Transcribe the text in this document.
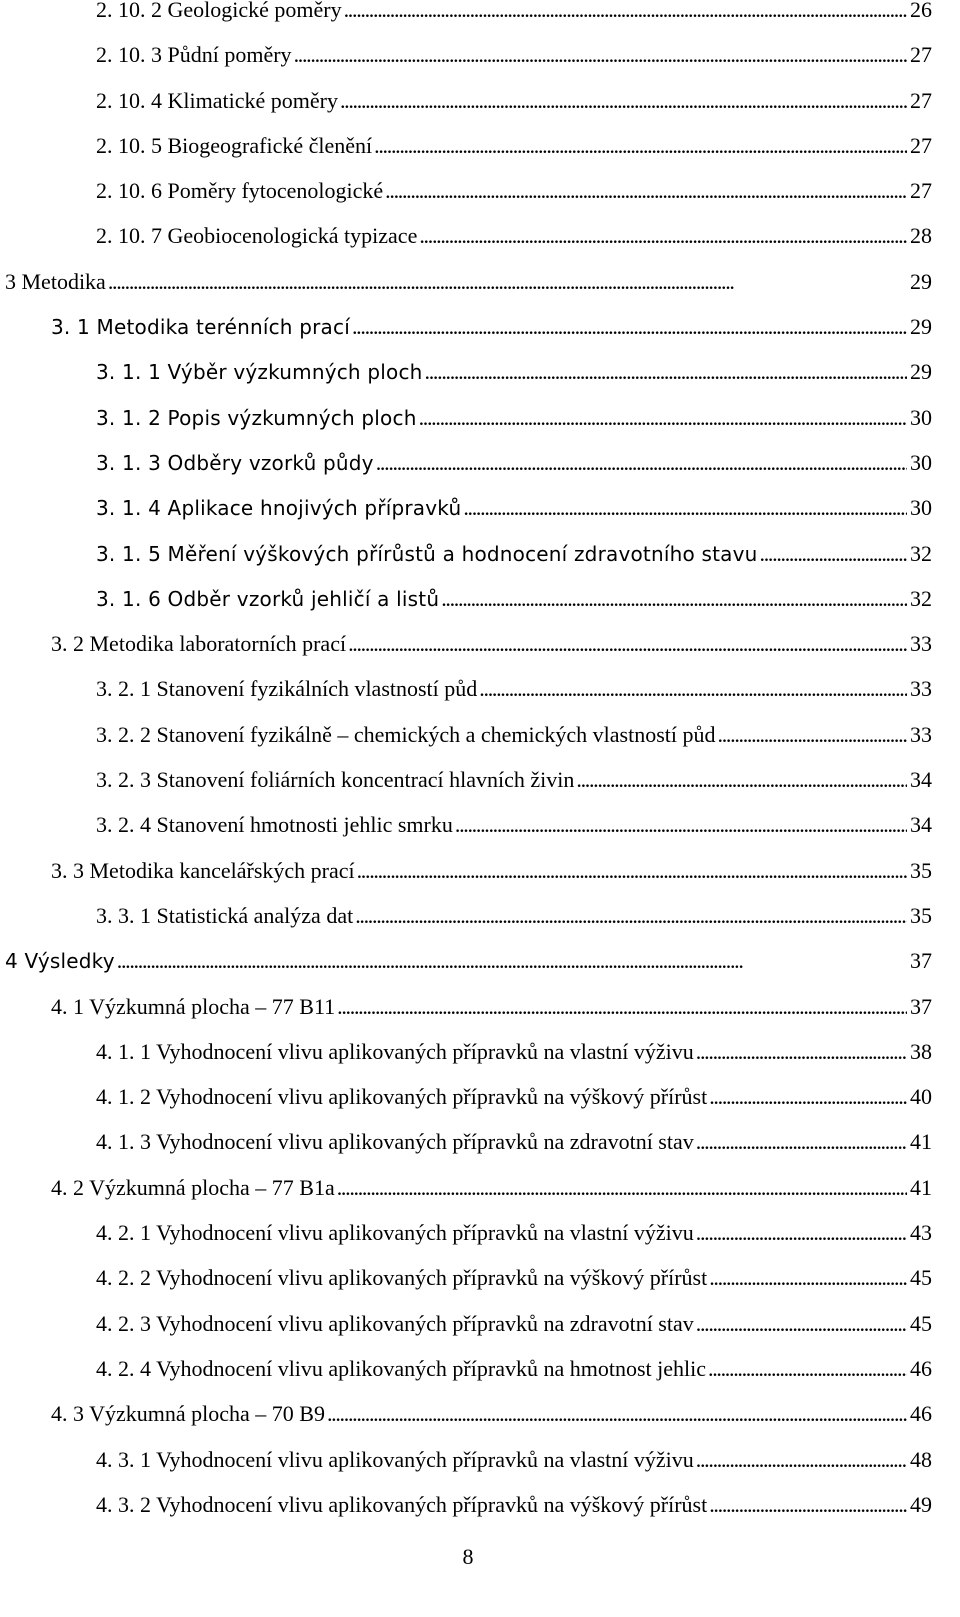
2. 10. 2 Geologické poměry . . .	26
2. 10. 3 Půdní poměry . . .	27
2. 10. 4 Klimatické poměry . . .	27
2. 10. 5 Biogeografické členění . . .	27
2. 10. 6 Poměry fytocenologické . . .	27
2. 10. 7 Geobiocenologická typizace . . .	28
3 Metodika . . .	29
3. 1 Metodika terénních prací . . .	29
3. 1. 1 Výběr výzkumných ploch . . .	29
3. 1. 2 Popis výzkumných ploch . . .	30
3. 1. 3 Odběry vzorků půdy . . .	30
3. 1. 4 Aplikace hnojivých přípravků . . .	30
3. 1. 5 Měření výškových přírůstů a hodnocení zdravotního stavu . . .	32
3. 1. 6 Odběr vzorků jehličí a listů . . .	32
3. 2 Metodika laboratorních prací . . .	33
3. 2. 1 Stanovení fyzikálních vlastností půd . . .	33
3. 2. 2 Stanovení fyzikálně – chemických a chemických vlastností půd . . .	33
3. 2. 3 Stanovení foliárních koncentrací hlavních živin . . .	34
3. 2. 4 Stanovení hmotnosti jehlic smrku . . .	34
3. 3 Metodika kancelářských prací . . .	35
3. 3. 1 Statistická analýza dat . . .	35
4 Výsledky . . .	37
4. 1 Výzkumná plocha – 77 B11 . . .	37
4. 1. 1 Vyhodnocení vlivu aplikovaných přípravků na vlastní výživu . . .	38
4. 1. 2 Vyhodnocení vlivu aplikovaných přípravků na výškový přírůst . . .	40
4. 1. 3 Vyhodnocení vlivu aplikovaných přípravků na zdravotní stav . . .	41
4. 2 Výzkumná plocha – 77 B1a . . .	41
4. 2. 1 Vyhodnocení vlivu aplikovaných přípravků na vlastní výživu . . .	43
4. 2. 2 Vyhodnocení vlivu aplikovaných přípravků na výškový přírůst . . .	45
4. 2. 3 Vyhodnocení vlivu aplikovaných přípravků na zdravotní stav . . .	45
4. 2. 4 Vyhodnocení vlivu aplikovaných přípravků na hmotnost jehlic . . .	46
4. 3 Výzkumná plocha – 70 B9 . . .	46
4. 3. 1 Vyhodnocení vlivu aplikovaných přípravků na vlastní výživu . . .	48
4. 3. 2 Vyhodnocení vlivu aplikovaných přípravků na výškový přírůst . . .	49
8
